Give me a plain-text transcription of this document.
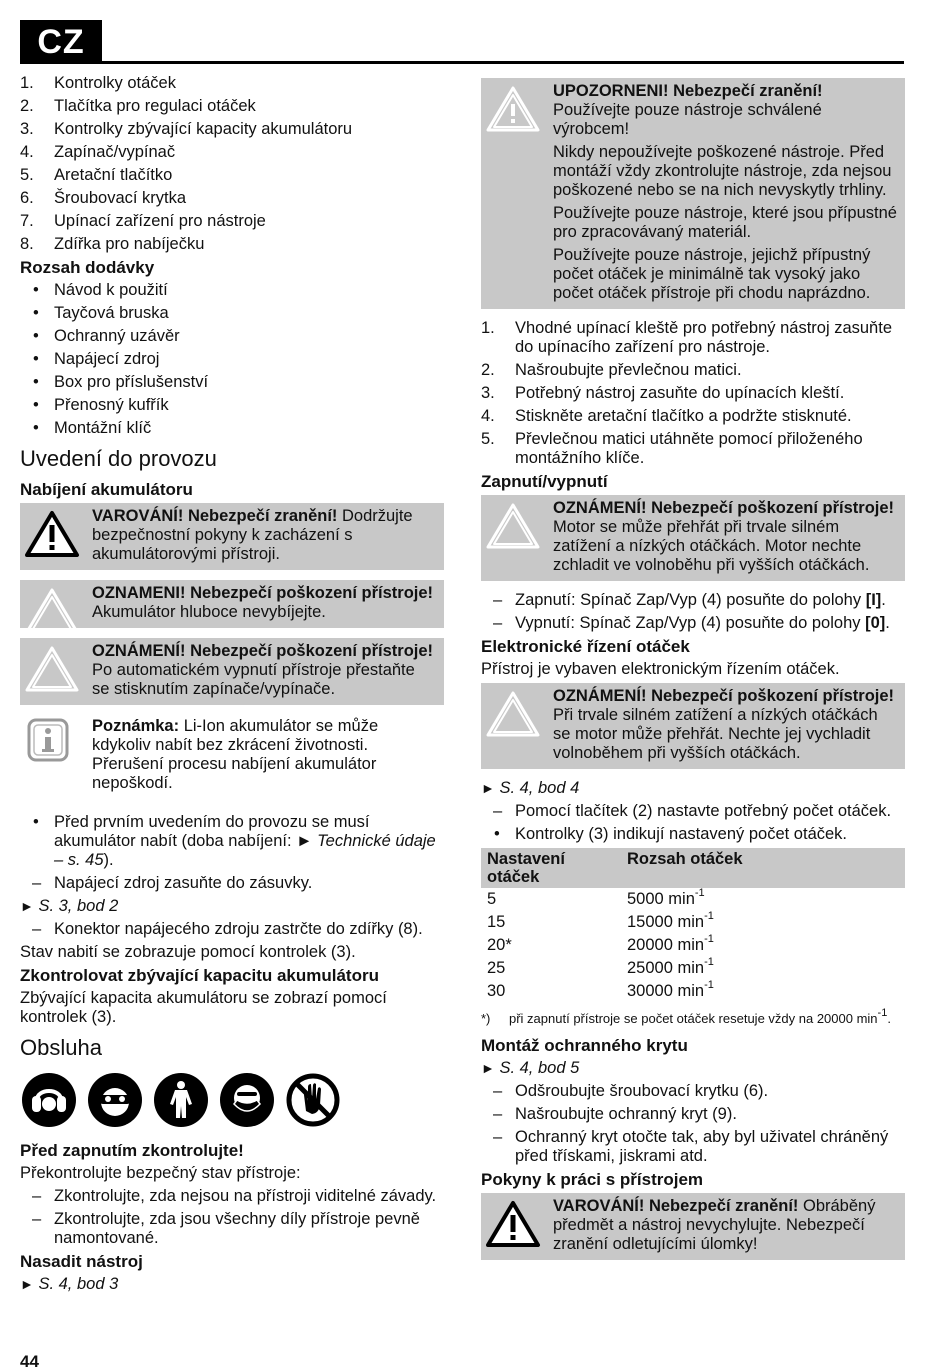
CZ
1. Kontrolky otáček
2. Tlačítka pro regulaci otáček
3. Kontrolky zbývající kapacity akumulátoru
4. Zapínač/vypínač
5. Aretační tlačítko
6. Šroubovací krytka
7. Upínací zařízení pro nástroje
8. Zdířka pro nabíječku
Rozsah dodávky
• Návod k použití
• Tayčová bruska
• Ochranný uzávěr
• Napájecí zdroj
• Box pro příslušenství
• Přenosný kufřík
• Montážní klíč
Uvedení do provozu
Nabíjení akumulátoru

VAROVÁNÍ! Nebezpečí zranění! Dodržujte bezpečnostní pokyny k zacházení s akumulátorovými přístroji.

OZNAMENI! Nebezpečí poškození přístroje! Akumulátor hluboce nevybíjejte.

OZNÁMENÍ! Nebezpečí poškození přístroje! Po automatickém vypnutí přístroje přestaňte se stisknutím zapínače/vypínače.

Poznámka: Li-Ion akumulátor se může kdykoliv nabít bez zkrácení životnosti. Přerušení procesu nabíjení akumulátor nepoškodí.

• Před prvním uvedením do provozu se musí akumulátor nabít (doba nabíjení: ► Technické údaje – s. 45).
– Napájecí zdroj zasuňte do zásuvky.
► S. 3, bod 2
– Konektor napájecého zdroju zastrčte do zdířky (8).

Stav nabití se zobrazuje pomocí kontrolek (3).

Zkontrolovat zbývající kapacitu akumulátoru

Zbývající kapacita akumulátoru se zobrazí pomocí kontrolek (3).

Obsluha
Před zapnutím zkontrolujte!

Překontrolujte bezpečný stav přístroje:

– Zkontrolujte, zda nejsou na přístroji viditelné závady.
– Zkontrolujte, zda jsou všechny díly přístroje pevně namontované.
Nasadit nástroj
► S. 4, bod 3

UPOZORNENI! Nebezpečí zranění! Používejte pouze nástroje schválené výrobcem!

Nikdy nepoužívejte poškozené nástroje. Před montáží vždy zkontrolujte nástroje, zda nejsou poškozené nebo se na nich nevyskytly trhliny.

Používejte pouze nástroje, které jsou přípustné pro zpracovávaný materiál.

Používejte pouze nástroje, jejichž přípustný počet otáček je minimálně tak vysoký jako počet otáček přístroje při chodu naprázdno.

1. Vhodné upínací kleště pro potřebný nástroj zasuňte do upínacího zařízení pro nástroje.
2. Našroubujte převlečnou matici.
3. Potřebný nástroj zasuňte do upínacích kleští.
4. Stiskněte aretační tlačítko a podržte stisknuté.
5. Převlečnou matici utáhněte pomocí přiloženého montážního klíče.
Zapnutí/vypnutí

OZNÁMENÍ! Nebezpečí poškození přístroje! Motor se může přehřát při trvale silném zatížení a nízkých otáčkách. Motor nechte zchladit ve volnoběhu při vyšších otáčkách.

– Zapnutí: Spínač Zap/Vyp (4) posuňte do polohy [I].
– Vypnutí: Spínač Zap/Vyp (4) posuňte do polohy [0].
Elektronické řízení otáček

Přístroj je vybaven elektronickým řízením otáček.

OZNÁMENÍ! Nebezpečí poškození přístroje! Při trvale silném zatížení a nízkých otáčkách se motor může přehřát. Nechte jej vychladit volnoběhem při vyšších otáčkách.

► S. 4, bod 4
– Pomocí tlačítek (2) nastavte potřebný počet otáček.
• Kontrolky (3) indikují nastavený počet otáček.
Nastavení otáček	Rozsah otáček
5	5000 $\min^{-1}$
15	15000 $\min^{-1}$
20*	20000 $\min^{-1}$
25	25000 $\min^{-1}$
30	30000 $\min^{-1}$
*) při zapnutí přístroje se počet otáček resetuje vždy na 20000 $\min^{-1}$.
Montáž ochranného krytu
► S. 4, bod 5
– Odšroubujte šroubovací krytku (6).
– Našroubujte ochranný kryt (9).
– Ochranný kryt otočte tak, aby byl uživatel chráněný před třískami, jiskrami atd.
Pokyny k práci s přístrojem

VAROVÁNÍ! Nebezpečí zranění! Obráběný předmět a nástroj nevychylujte. Nebezpečí zranění odletujícími úlomky!

44
